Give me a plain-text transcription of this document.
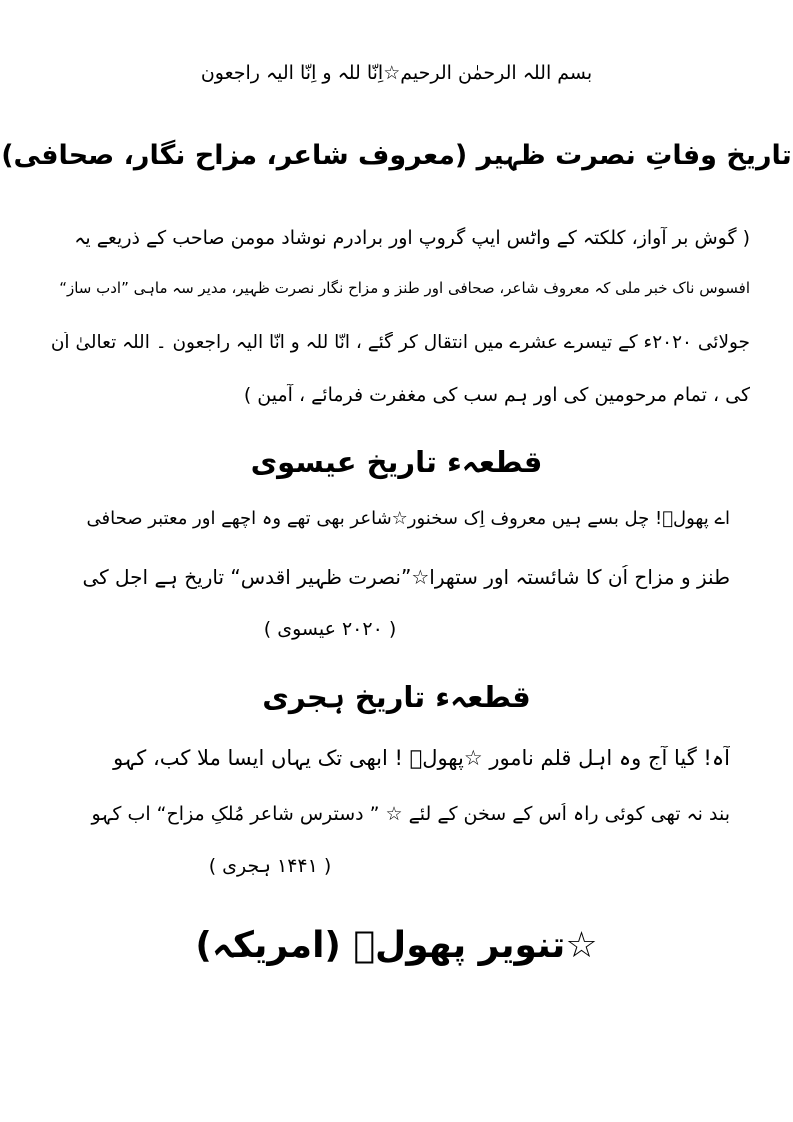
بسم اللہ الرحمٰن الرحیم☆اِنّا للہ و اِنّا الیہ راجعون
تاریخ وفاتِ نصرت ظہیر (معروف شاعر، مزاح نگار، صحافی)
( گوش بر آواز، کلکتہ کے واٹس ایپ گروپ اور برادرم نوشاد مومن صاحب کے ذریعے یہ
افسوس ناک خبر ملی کہ معروف شاعر، صحافی اور طنز و مزاح نگار نصرت ظہیر، مدیر سہ ماہی ”ادب ساز“
جولائی ۲۰۲۰ء کے تیسرے عشرے میں انتقال کر گئے ، انّا للہ و انّا الیہ راجعون ۔ اللہ تعالیٰ اُن
کی ، تمام مرحومین کی اور ہم سب کی مغفرت فرمائے ، آمین )
قطعہء تاریخ عیسوی
اے پھولؔ! چل بسے ہیں معروف اِک سخنور☆شاعر بھی تھے وہ اچھے اور معتبر صحافی
طنز و مزاح اُن کا شائستہ اور ستھرا☆”نصرت ظہیر اقدس“ تاریخ ہے اجل کی
( ۲۰۲۰ عیسوی )
قطعہء تاریخ ہجری
آہ! گیا آج وہ اہلِ قلم نامور ☆پھولؔ ! ابھی تک یہاں ایسا ملا کب، کہو
بند نہ تھی کوئی راہ اُس کے سخن کے لئے ☆ ” دسترسِ شاعرِ مُلکِ مزاح“ اب کہو
( ۱۴۴۱ ہجری )
☆تنویر پھولؔ (امریکہ)
